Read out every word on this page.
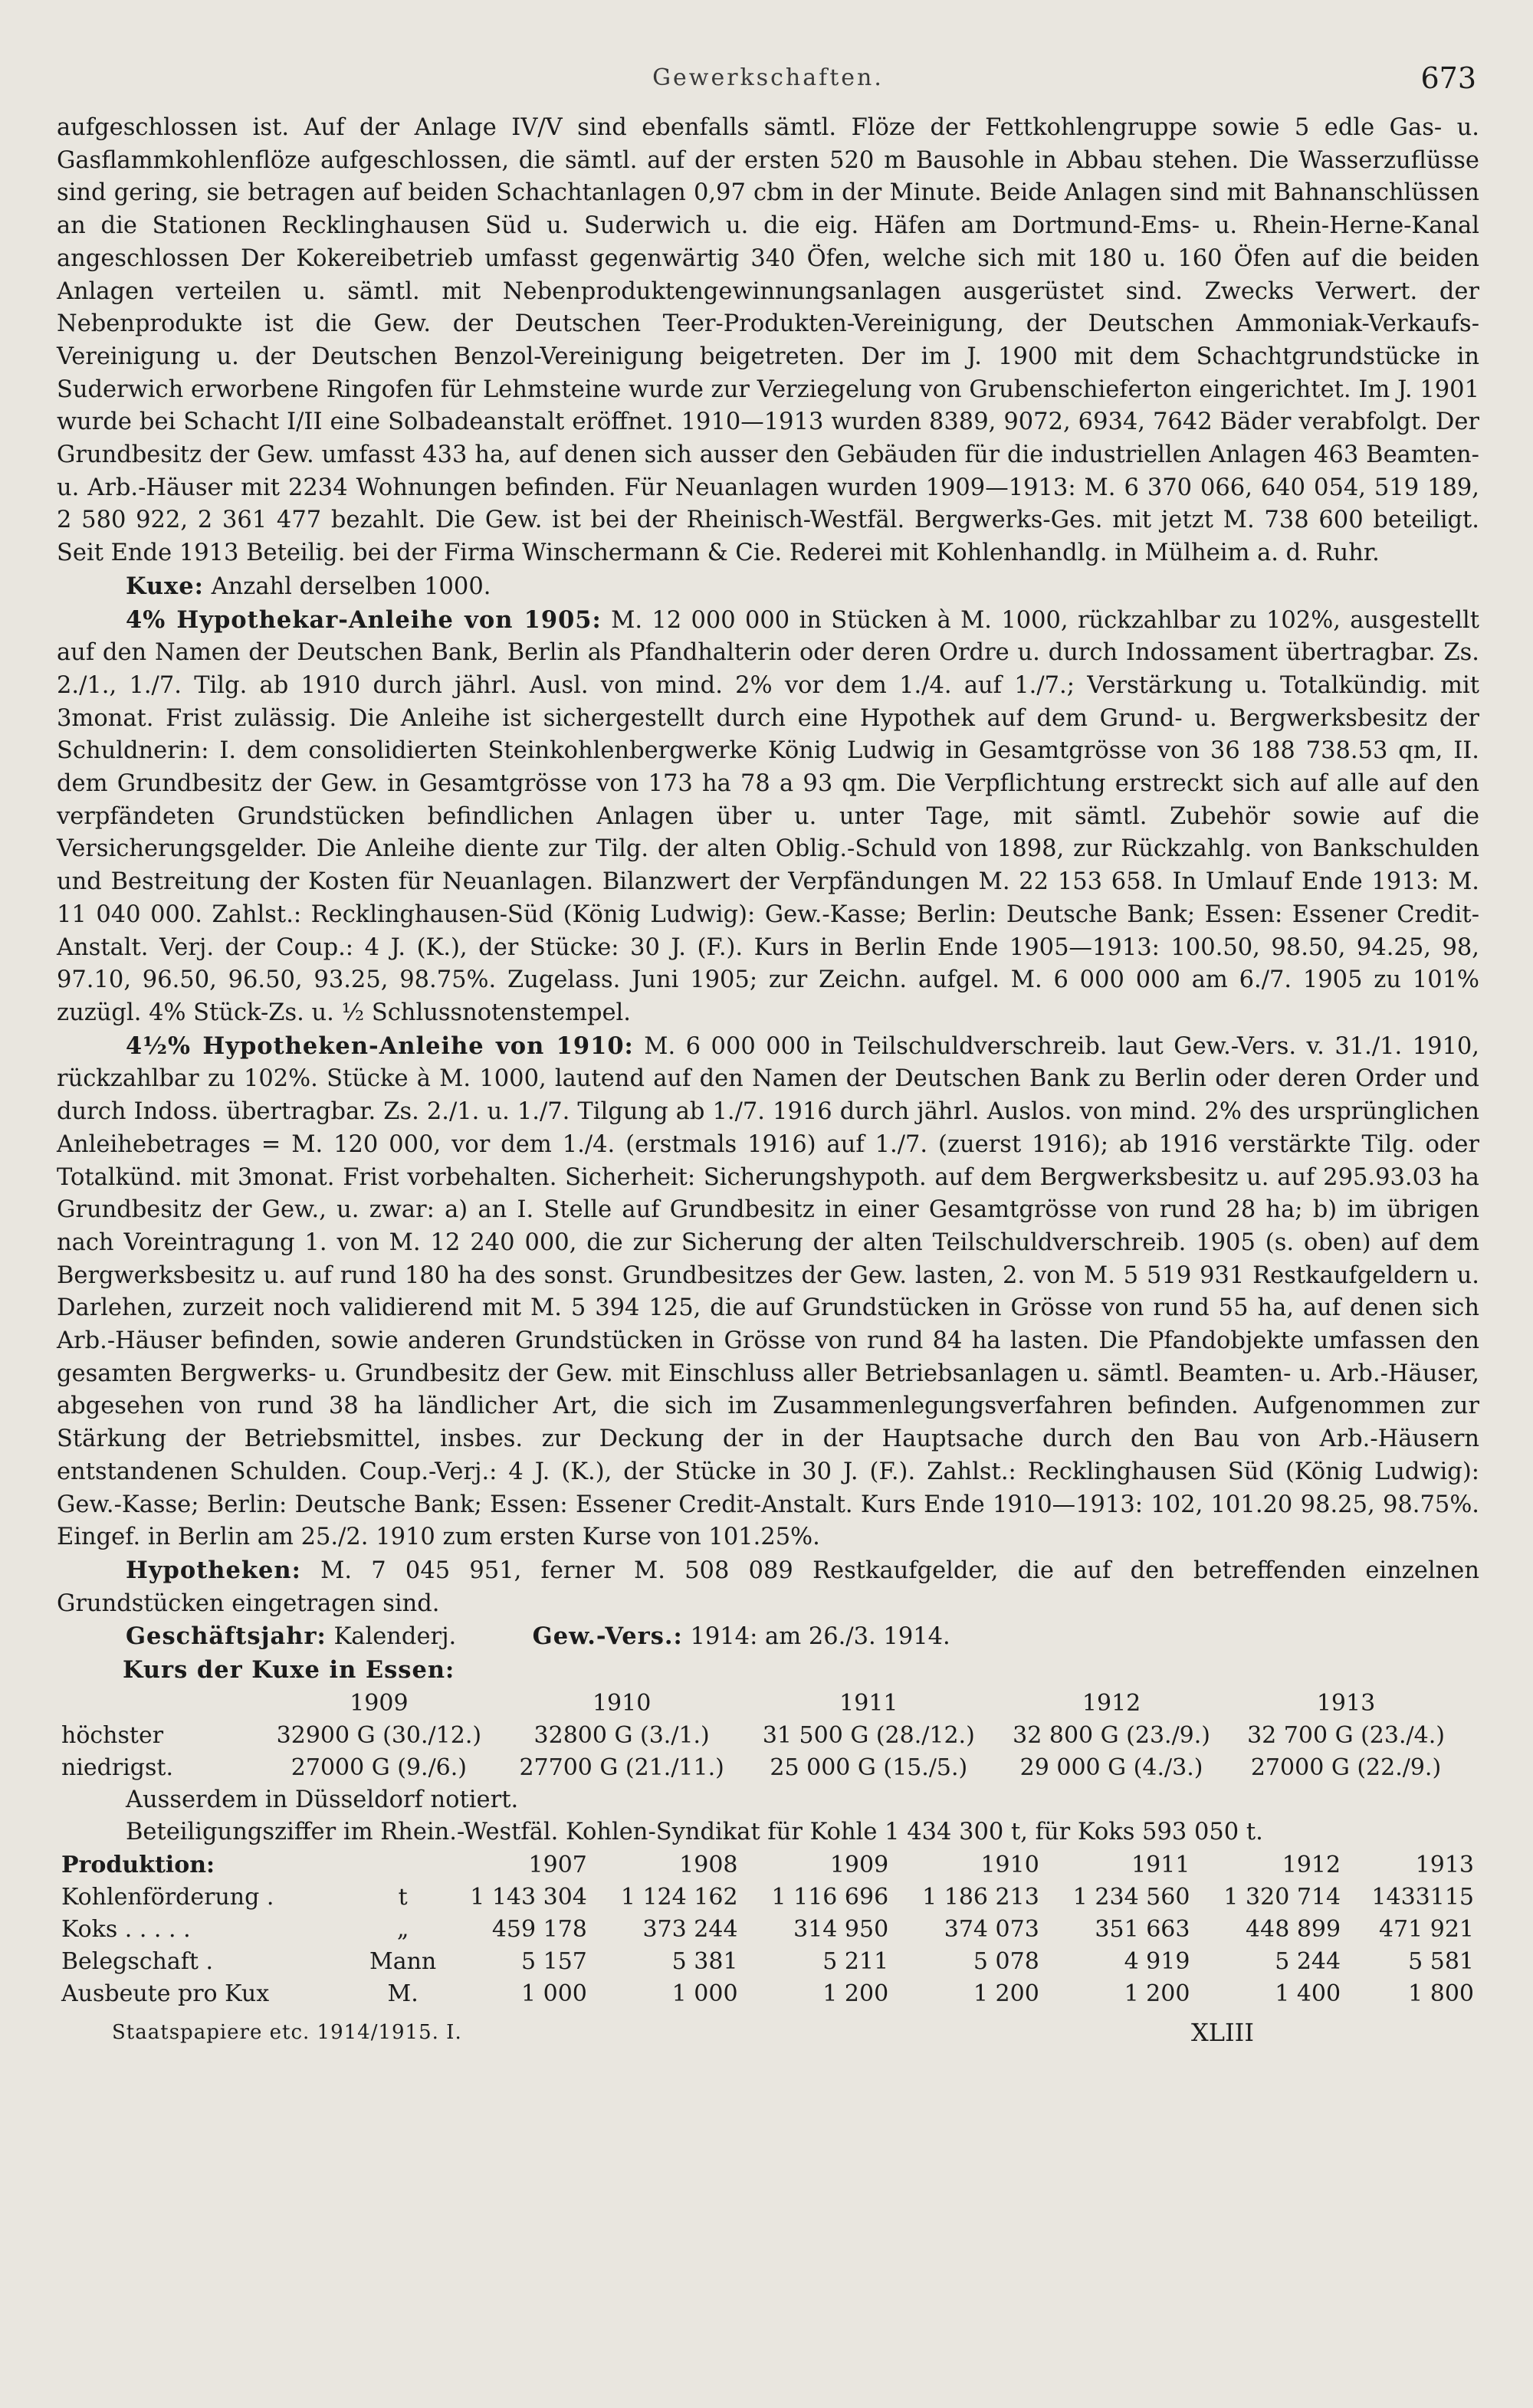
Gewerkschaften.	673

aufgeschlossen ist. Auf der Anlage IV/V sind ebenfalls sämtl. Flöze der Fettkohlengruppe sowie 5 edle Gas- u. Gasflammkohlenflöze aufgeschlossen, die sämtl. auf der ersten 520 m Bausohle in Abbau stehen. Die Wasserzuflüsse sind gering, sie betragen auf beiden Schachtanlagen 0,97 cbm in der Minute. Beide Anlagen sind mit Bahnanschlüssen an die Stationen Recklinghausen Süd u. Suderwich u. die eig. Häfen am Dortmund-Ems- u. Rhein-Herne-Kanal angeschlossen Der Kokereibetrieb umfasst gegenwärtig 340 Öfen, welche sich mit 180 u. 160 Öfen auf die beiden Anlagen verteilen u. sämtl. mit Nebenproduktengewinnungsanlagen ausgerüstet sind. Zwecks Verwert. der Nebenprodukte ist die Gew. der Deutschen Teer-Produkten-Vereinigung, der Deutschen Ammoniak-Verkaufs-Vereinigung u. der Deutschen Benzol-Vereinigung beigetreten. Der im J. 1900 mit dem Schachtgrundstücke in Suderwich erworbene Ringofen für Lehmsteine wurde zur Verziegelung von Grubenschieferton eingerichtet. Im J. 1901 wurde bei Schacht I/II eine Solbadeanstalt eröffnet. 1910—1913 wurden 8389, 9072, 6934, 7642 Bäder verabfolgt. Der Grundbesitz der Gew. umfasst 433 ha, auf denen sich ausser den Gebäuden für die industriellen Anlagen 463 Beamten- u. Arb.-Häuser mit 2234 Wohnungen befinden. Für Neuanlagen wurden 1909—1913: M. 6 370 066, 640 054, 519 189, 2 580 922, 2 361 477 bezahlt. Die Gew. ist bei der Rheinisch-Westfäl. Bergwerks-Ges. mit jetzt M. 738 600 beteiligt. Seit Ende 1913 Beteilig. bei der Firma Winschermann & Cie. Rederei mit Kohlenhandlg. in Mülheim a. d. Ruhr.

Kuxe: Anzahl derselben 1000.

4% Hypothekar-Anleihe von 1905: M. 12 000 000 in Stücken à M. 1000, rückzahlbar zu 102%, ausgestellt auf den Namen der Deutschen Bank, Berlin als Pfandhalterin oder deren Ordre u. durch Indossament übertragbar. Zs. 2./1., 1./7. Tilg. ab 1910 durch jährl. Ausl. von mind. 2% vor dem 1./4. auf 1./7.; Verstärkung u. Totalkündig. mit 3monat. Frist zulässig. Die Anleihe ist sichergestellt durch eine Hypothek auf dem Grund- u. Bergwerksbesitz der Schuldnerin: I. dem consolidierten Steinkohlenbergwerke König Ludwig in Gesamtgrösse von 36 188 738.53 qm, II. dem Grundbesitz der Gew. in Gesamtgrösse von 173 ha 78 a 93 qm. Die Verpflichtung erstreckt sich auf alle auf den verpfändeten Grundstücken befindlichen Anlagen über u. unter Tage, mit sämtl. Zubehör sowie auf die Versicherungsgelder. Die Anleihe diente zur Tilg. der alten Oblig.-Schuld von 1898, zur Rückzahlg. von Bankschulden und Bestreitung der Kosten für Neuanlagen. Bilanzwert der Verpfändungen M. 22 153 658. In Umlauf Ende 1913: M. 11 040 000. Zahlst.: Recklinghausen-Süd (König Ludwig): Gew.-Kasse; Berlin: Deutsche Bank; Essen: Essener Credit-Anstalt. Verj. der Coup.: 4 J. (K.), der Stücke: 30 J. (F.). Kurs in Berlin Ende 1905—1913: 100.50, 98.50, 94.25, 98, 97.10, 96.50, 96.50, 93.25, 98.75%. Zugelass. Juni 1905; zur Zeichn. aufgel. M. 6 000 000 am 6./7. 1905 zu 101% zuzügl. 4% Stück-Zs. u. ½ Schlussnotenstempel.

4½% Hypotheken-Anleihe von 1910: M. 6 000 000 in Teilschuldverschreib. laut Gew.-Vers. v. 31./1. 1910, rückzahlbar zu 102%. Stücke à M. 1000, lautend auf den Namen der Deutschen Bank zu Berlin oder deren Order und durch Indoss. übertragbar. Zs. 2./1. u. 1./7. Tilgung ab 1./7. 1916 durch jährl. Auslos. von mind. 2% des ursprünglichen Anleihebetrages = M. 120 000, vor dem 1./4. (erstmals 1916) auf 1./7. (zuerst 1916); ab 1916 verstärkte Tilg. oder Totalkünd. mit 3monat. Frist vorbehalten. Sicherheit: Sicherungshypoth. auf dem Bergwerksbesitz u. auf 295.93.03 ha Grundbesitz der Gew., u. zwar: a) an I. Stelle auf Grundbesitz in einer Gesamtgrösse von rund 28 ha; b) im übrigen nach Voreintragung 1. von M. 12 240 000, die zur Sicherung der alten Teilschuldverschreib. 1905 (s. oben) auf dem Bergwerksbesitz u. auf rund 180 ha des sonst. Grundbesitzes der Gew. lasten, 2. von M. 5 519 931 Restkaufgeldern u. Darlehen, zurzeit noch validierend mit M. 5 394 125, die auf Grundstücken in Grösse von rund 55 ha, auf denen sich Arb.-Häuser befinden, sowie anderen Grundstücken in Grösse von rund 84 ha lasten. Die Pfandobjekte umfassen den gesamten Bergwerks- u. Grundbesitz der Gew. mit Einschluss aller Betriebsanlagen u. sämtl. Beamten- u. Arb.-Häuser, abgesehen von rund 38 ha ländlicher Art, die sich im Zusammenlegungsverfahren befinden. Aufgenommen zur Stärkung der Betriebsmittel, insbes. zur Deckung der in der Hauptsache durch den Bau von Arb.-Häusern entstandenen Schulden. Coup.-Verj.: 4 J. (K.), der Stücke in 30 J. (F.). Zahlst.: Recklinghausen Süd (König Ludwig): Gew.-Kasse; Berlin: Deutsche Bank; Essen: Essener Credit-Anstalt. Kurs Ende 1910—1913: 102, 101.20 98.25, 98.75%. Eingef. in Berlin am 25./2. 1910 zum ersten Kurse von 101.25%.

Hypotheken: M. 7 045 951, ferner M. 508 089 Restkaufgelder, die auf den betreffenden einzelnen Grundstücken eingetragen sind.

Geschäftsjahr: Kalenderj.	Gew.-Vers.: 1914: am 26./3. 1914.

Kurs der Kuxe in Essen:

	1909	1910	1911	1912	1913
höchster	32900 G (30./12.)	32800 G (3./1.)	31 500 G (28./12.)	32 800 G (23./9.)	32 700 G (23./4.)
niedrigst.	27000 G (9./6.)	27700 G (21./11.)	25 000 G (15./5.)	29 000 G (4./3.)	27000 G (22./9.)

Ausserdem in Düsseldorf notiert.

Beteiligungsziffer im Rhein.-Westfäl. Kohlen-Syndikat für Kohle 1 434 300 t, für Koks 593 050 t.

Produktion:		1907	1908	1909	1910	1911	1912	1913
Kohlenförderung .	t	1 143 304	1 124 162	1 116 696	1 186 213	1 234 560	1 320 714	1433115
Koks . . . . .	„	459 178	373 244	314 950	374 073	351 663	448 899	471 921
Belegschaft .	Mann	5 157	5 381	5 211	5 078	4 919	5 244	5 581
Ausbeute pro Kux	M.	1 000	1 000	1 200	1 200	1 200	1 400	1 800
Staatspapiere etc. 1914/1915. I.	XLIII
